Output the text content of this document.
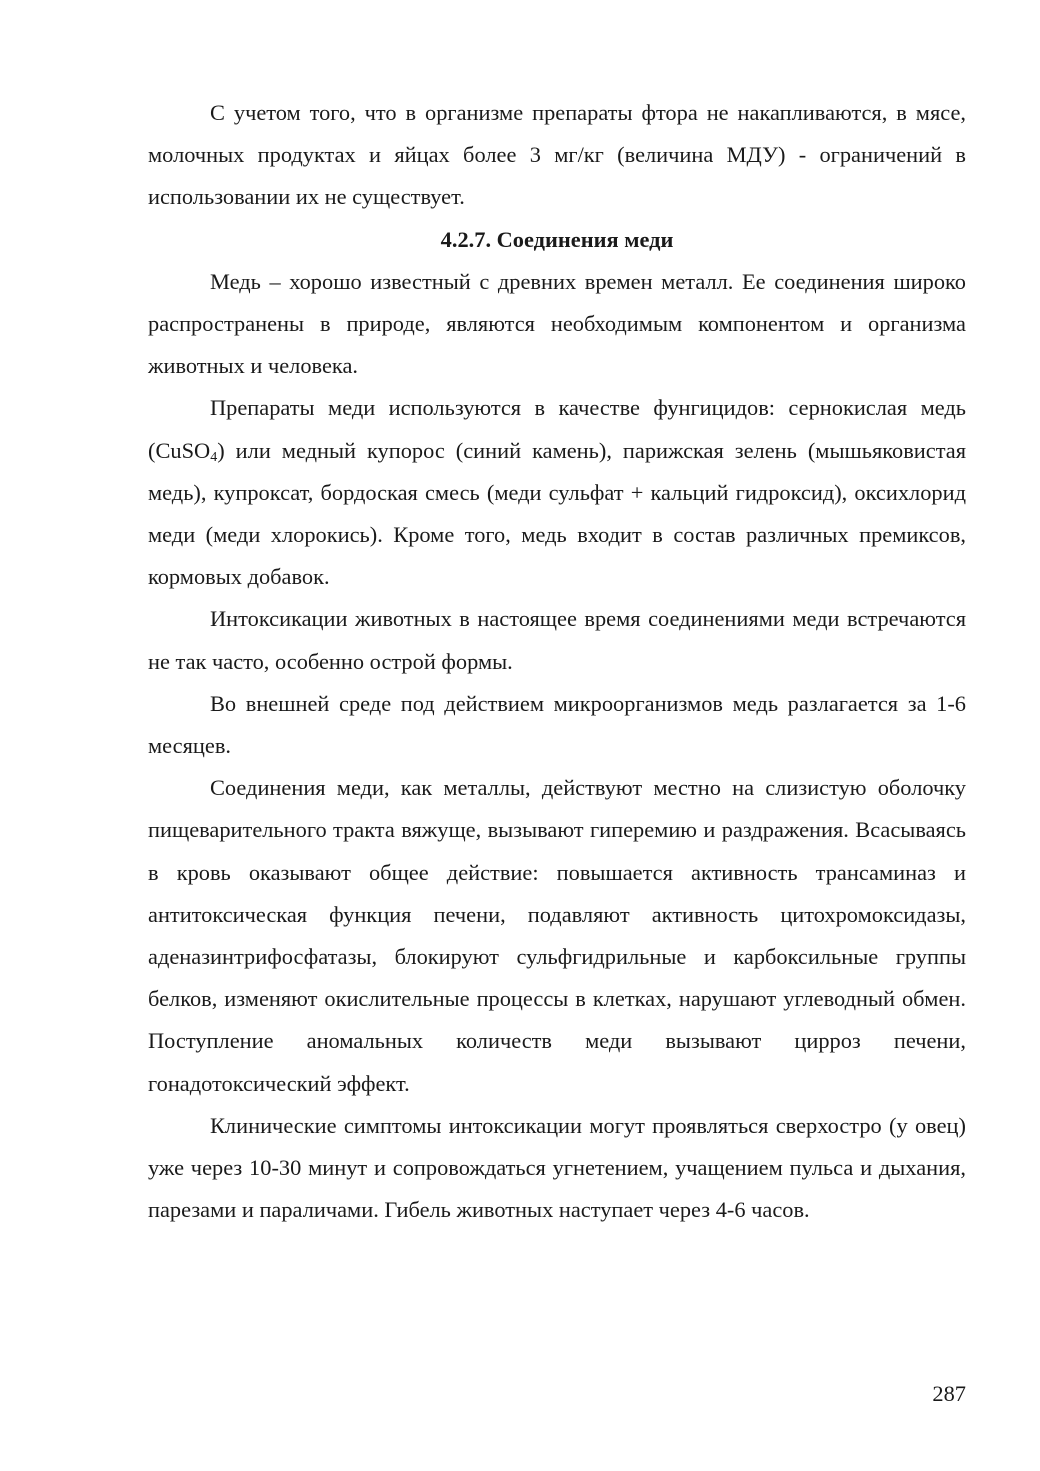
С учетом того, что в организме препараты фтора не накапливаются, в мясе, молочных продуктах и яйцах более 3 мг/кг (величина МДУ) - ограничений в использовании их не существует.

4.2.7. Соединения меди

Медь – хорошо известный с древних времен металл. Ее соединения широко распространены в природе, являются необходимым компонентом и организма животных и человека.

Препараты меди используются в качестве фунгицидов: сернокислая медь (CuSO$_4$) или медный купорос (синий камень), парижская зелень (мышьяковистая медь), купроксат, бордоская смесь (меди сульфат + кальций гидроксид), оксихлорид меди (меди хлорокись). Кроме того, медь входит в состав различных премиксов, кормовых добавок.

Интоксикации животных в настоящее время соединениями меди встречаются не так часто, особенно острой формы.

Во внешней среде под действием микроорганизмов медь разлагается за 1-6 месяцев.

Соединения меди, как металлы, действуют местно на слизистую оболочку пищеварительного тракта вяжуще, вызывают гиперемию и раздражения. Всасываясь в кровь оказывают общее действие: повышается активность трансаминаз и антитоксическая функция печени, подавляют активность цитохромоксидазы, аденазинтрифосфатазы, блокируют сульфгидрильные и карбоксильные группы белков, изменяют окислительные процессы в клетках, нарушают углеводный обмен. Поступление аномальных количеств меди вызывают цирроз печени, гонадотоксический эффект.

Клинические симптомы интоксикации могут проявляться сверхостро (у овец) уже через 10-30 минут и сопровождаться угнетением, учащением пульса и дыхания, парезами и параличами. Гибель животных наступает через 4-6 часов.

287
